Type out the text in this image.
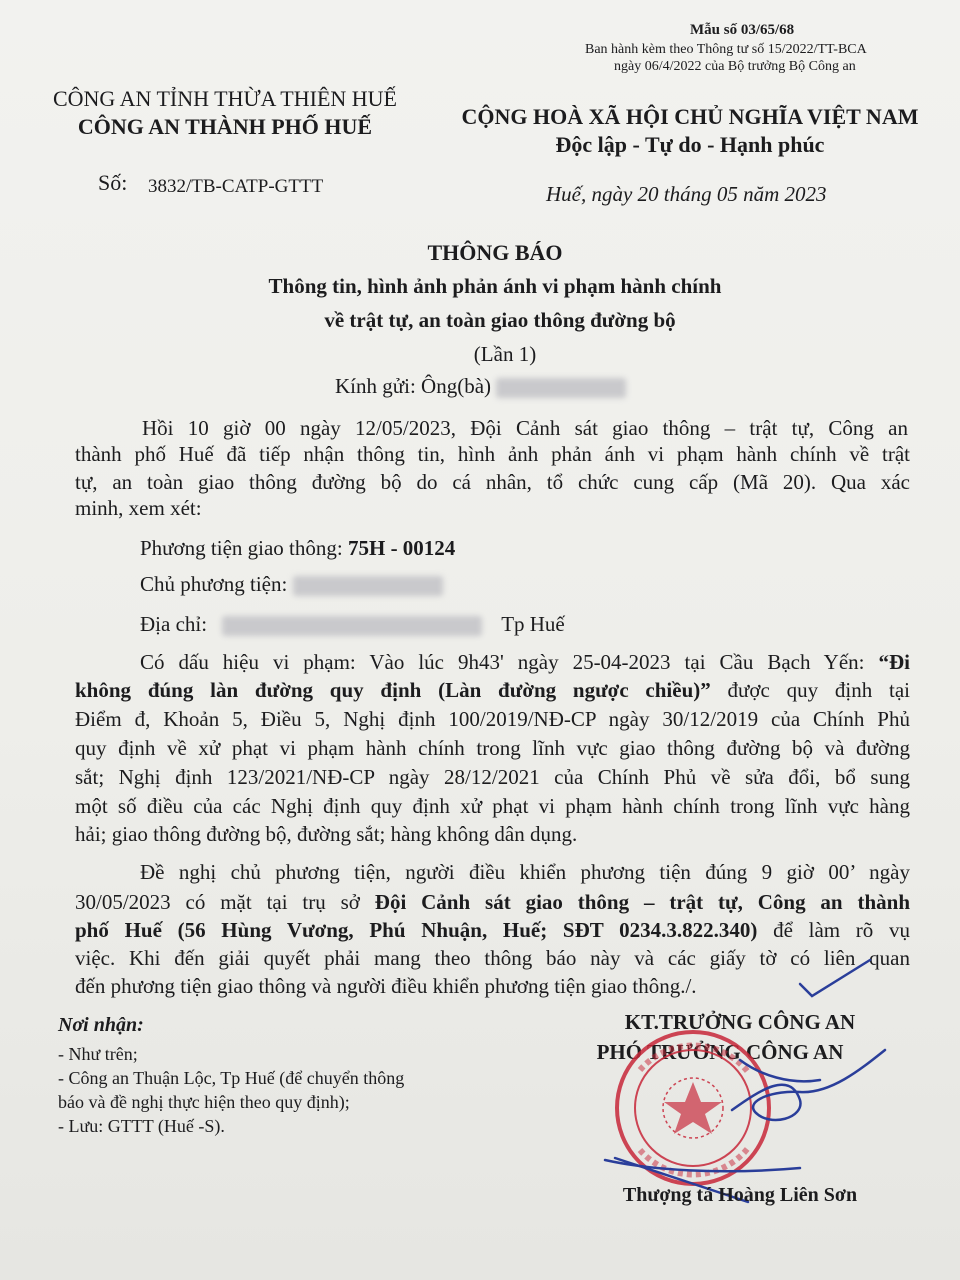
Mẫu số 03/65/68
Ban hành kèm theo Thông tư số 15/2022/TT-BCA
ngày 06/4/2022 của Bộ trưởng Bộ Công an
CÔNG AN TỈNH THỪA THIÊN HUẾ
CÔNG AN THÀNH PHỐ HUẾ
Số: 3832/TB-CATP-GTTT
CỘNG HOÀ XÃ HỘI CHỦ NGHĨA VIỆT NAM
Độc lập - Tự do - Hạnh phúc
Huế, ngày 20 tháng 05 năm 2023
THÔNG BÁO
Thông tin, hình ảnh phản ánh vi phạm hành chính
về trật tự, an toàn giao thông đường bộ
(Lần 1)
Kính gửi: Ông(bà)
Hồi 10 giờ 00 ngày 12/05/2023, Đội Cảnh sát giao thông – trật tự, Công an
thành phố Huế đã tiếp nhận thông tin, hình ảnh phản ánh vi phạm hành chính về trật
tự, an toàn giao thông đường bộ do cá nhân, tổ chức cung cấp (Mã 20). Qua xác
minh, xem xét:
Phương tiện giao thông: 75H - 00124
Chủ phương tiện:
Địa chỉ:	Tp Huế
Có dấu hiệu vi phạm: Vào lúc 9h43' ngày 25-04-2023 tại Cầu Bạch Yến: “Đi
không đúng làn đường quy định (Làn đường ngược chiều)” được quy định tại
Điểm đ, Khoản 5, Điều 5, Nghị định 100/2019/NĐ-CP ngày 30/12/2019 của Chính Phủ
quy định về xử phạt vi phạm hành chính trong lĩnh vực giao thông đường bộ và đường
sắt; Nghị định 123/2021/NĐ-CP ngày 28/12/2021 của Chính Phủ về sửa đổi, bổ sung
một số điều của các Nghị định quy định xử phạt vi phạm hành chính trong lĩnh vực hàng
hải; giao thông đường bộ, đường sắt; hàng không dân dụng.
Đề nghị chủ phương tiện, người điều khiển phương tiện đúng 9 giờ 00’ ngày
30/05/2023 có mặt tại trụ sở Đội Cảnh sát giao thông – trật tự, Công an thành
phố Huế (56 Hùng Vương, Phú Nhuận, Huế; SĐT 0234.3.822.340) để làm rõ vụ
việc. Khi đến giải quyết phải mang theo thông báo này và các giấy tờ có liên quan
đến phương tiện giao thông và người điều khiển phương tiện giao thông./.
Nơi nhận:
- Như trên;
- Công an Thuận Lộc, Tp Huế (để chuyển thông
báo và đề nghị thực hiện theo quy định);
- Lưu: GTTT (Huế -S).
KT.TRƯỞNG CÔNG AN
PHÓ TRƯỞNG CÔNG AN
Thượng tá Hoàng Liên Sơn
